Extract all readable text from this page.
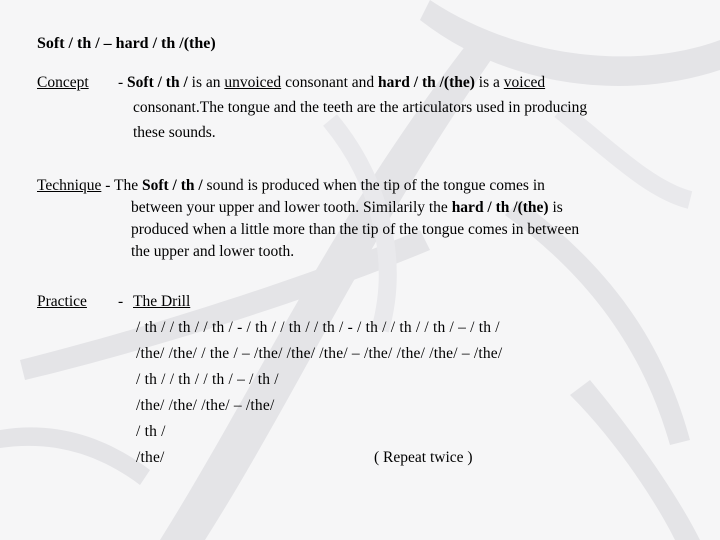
Soft / th / – hard / th /(the)
Concept - Soft / th / is an unvoiced consonant and hard / th /(the) is a voiced
consonant.The tongue and the teeth are the articulators used in producing
these sounds.
Technique - The Soft / th / sound is produced when the tip of the tongue comes in
between your upper and lower tooth. Similarily the hard / th /(the) is
produced when a little more than the tip of the tongue comes in between
the upper and lower tooth.
Practice - The Drill
/ th / / th / / th / - / th / / th / / th / - / th / / th / / th / – / th /
/the/ /the/ / the / – /the/ /the/ /the/ – /the/ /the/ /the/ – /the/
/ th / / th / / th / – / th /
/the/ /the/ /the/ – /the/
/ th /
/the/	( Repeat twice )
